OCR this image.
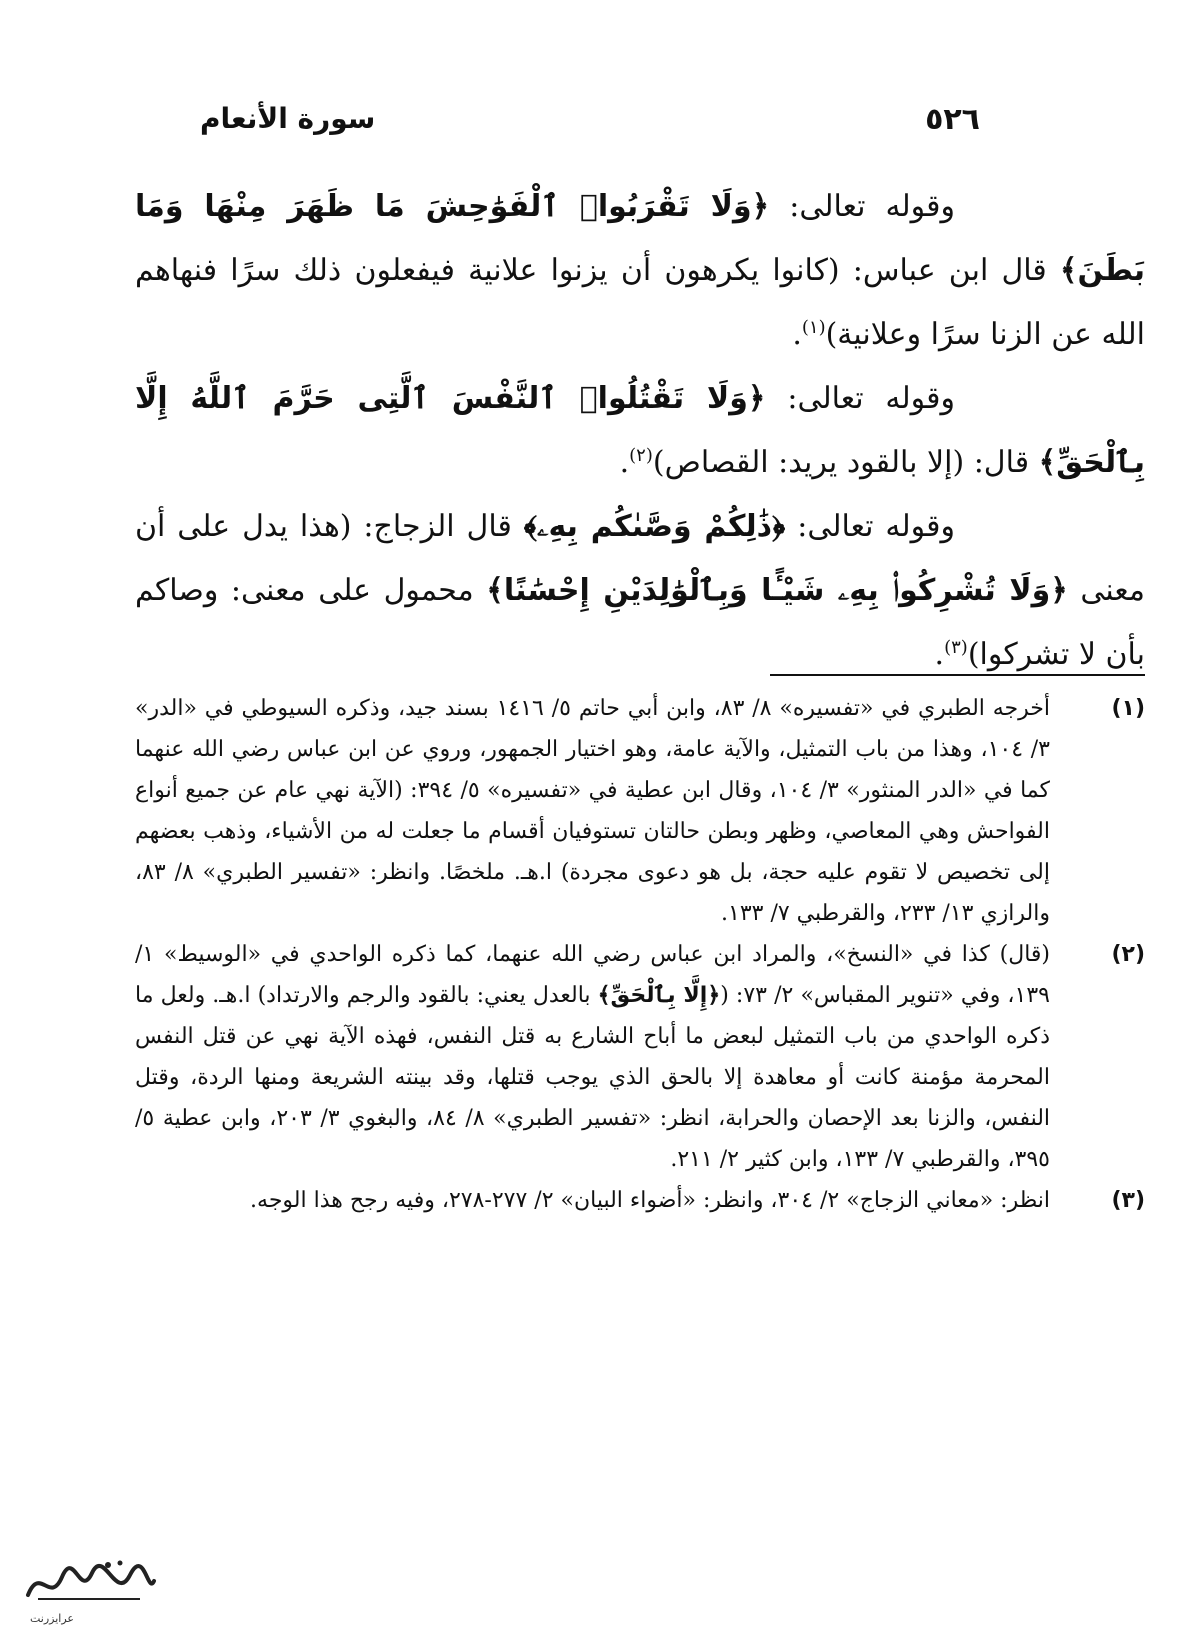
٥٢٦
سورة الأنعام

وقوله تعالى: ﴿وَلَا تَقْرَبُوا۟ ٱلْفَوَٰحِشَ مَا ظَهَرَ مِنْهَا وَمَا بَطَنَ﴾ قال ابن عباس: (كانوا يكرهون أن يزنوا علانية فيفعلون ذلك سرًا فنهاهم الله عن الزنا سرًا وعلانية)$^{(١)}$.

وقوله تعالى: ﴿وَلَا تَقْتُلُوا۟ ٱلنَّفْسَ ٱلَّتِى حَرَّمَ ٱللَّهُ إِلَّا بِٱلْحَقِّ﴾ قال: (إلا بالقود يريد: القصاص)$^{(٢)}$.

وقوله تعالى: ﴿ذَٰلِكُمْ وَصَّىٰكُم بِهِۦ﴾ قال الزجاج: (هذا يدل على أن معنى ﴿وَلَا تُشْرِكُوا۟ بِهِۦ شَيْـًٔا وَبِٱلْوَٰلِدَيْنِ إِحْسَٰنًا﴾ محمول على معنى: وصاكم بأن لا تشركوا)$^{(٣)}$.

(١)
أخرجه الطبري في «تفسيره» ٨/ ٨٣، وابن أبي حاتم ٥/ ١٤١٦ بسند جيد، وذكره السيوطي في «الدر» ٣/ ١٠٤، وهذا من باب التمثيل، والآية عامة، وهو اختيار الجمهور، وروي عن ابن عباس رضي الله عنهما كما في «الدر المنثور» ٣/ ١٠٤، وقال ابن عطية في «تفسيره» ٥/ ٣٩٤: (الآية نهي عام عن جميع أنواع الفواحش وهي المعاصي، وظهر وبطن حالتان تستوفيان أقسام ما جعلت له من الأشياء، وذهب بعضهم إلى تخصيص لا تقوم عليه حجة، بل هو دعوى مجردة) ا.هـ. ملخصًا. وانظر: «تفسير الطبري» ٨/ ٨٣، والرازي ١٣/ ٢٣٣، والقرطبي ٧/ ١٣٣.

(٢)
(قال) كذا في «النسخ»، والمراد ابن عباس رضي الله عنهما، كما ذكره الواحدي في «الوسيط» ١/ ١٣٩، وفي «تنوير المقباس» ٢/ ٧٣: (﴿إِلَّا بِٱلْحَقِّ﴾ بالعدل يعني: بالقود والرجم والارتداد) ا.هـ. ولعل ما ذكره الواحدي من باب التمثيل لبعض ما أباح الشارع به قتل النفس، فهذه الآية نهي عن قتل النفس المحرمة مؤمنة كانت أو معاهدة إلا بالحق الذي يوجب قتلها، وقد بينته الشريعة ومنها الردة، وقتل النفس، والزنا بعد الإحصان والحرابة، انظر: «تفسير الطبري» ٨/ ٨٤، والبغوي ٣/ ٢٠٣، وابن عطية ٥/ ٣٩٥، والقرطبي ٧/ ١٣٣، وابن كثير ٢/ ٢١١.

(٣)
انظر: «معاني الزجاج» ٢/ ٣٠٤، وانظر: «أضواء البيان» ٢/ ٢٧٧-٢٧٨، وفيه رجح هذا الوجه.

عرايزرنت
